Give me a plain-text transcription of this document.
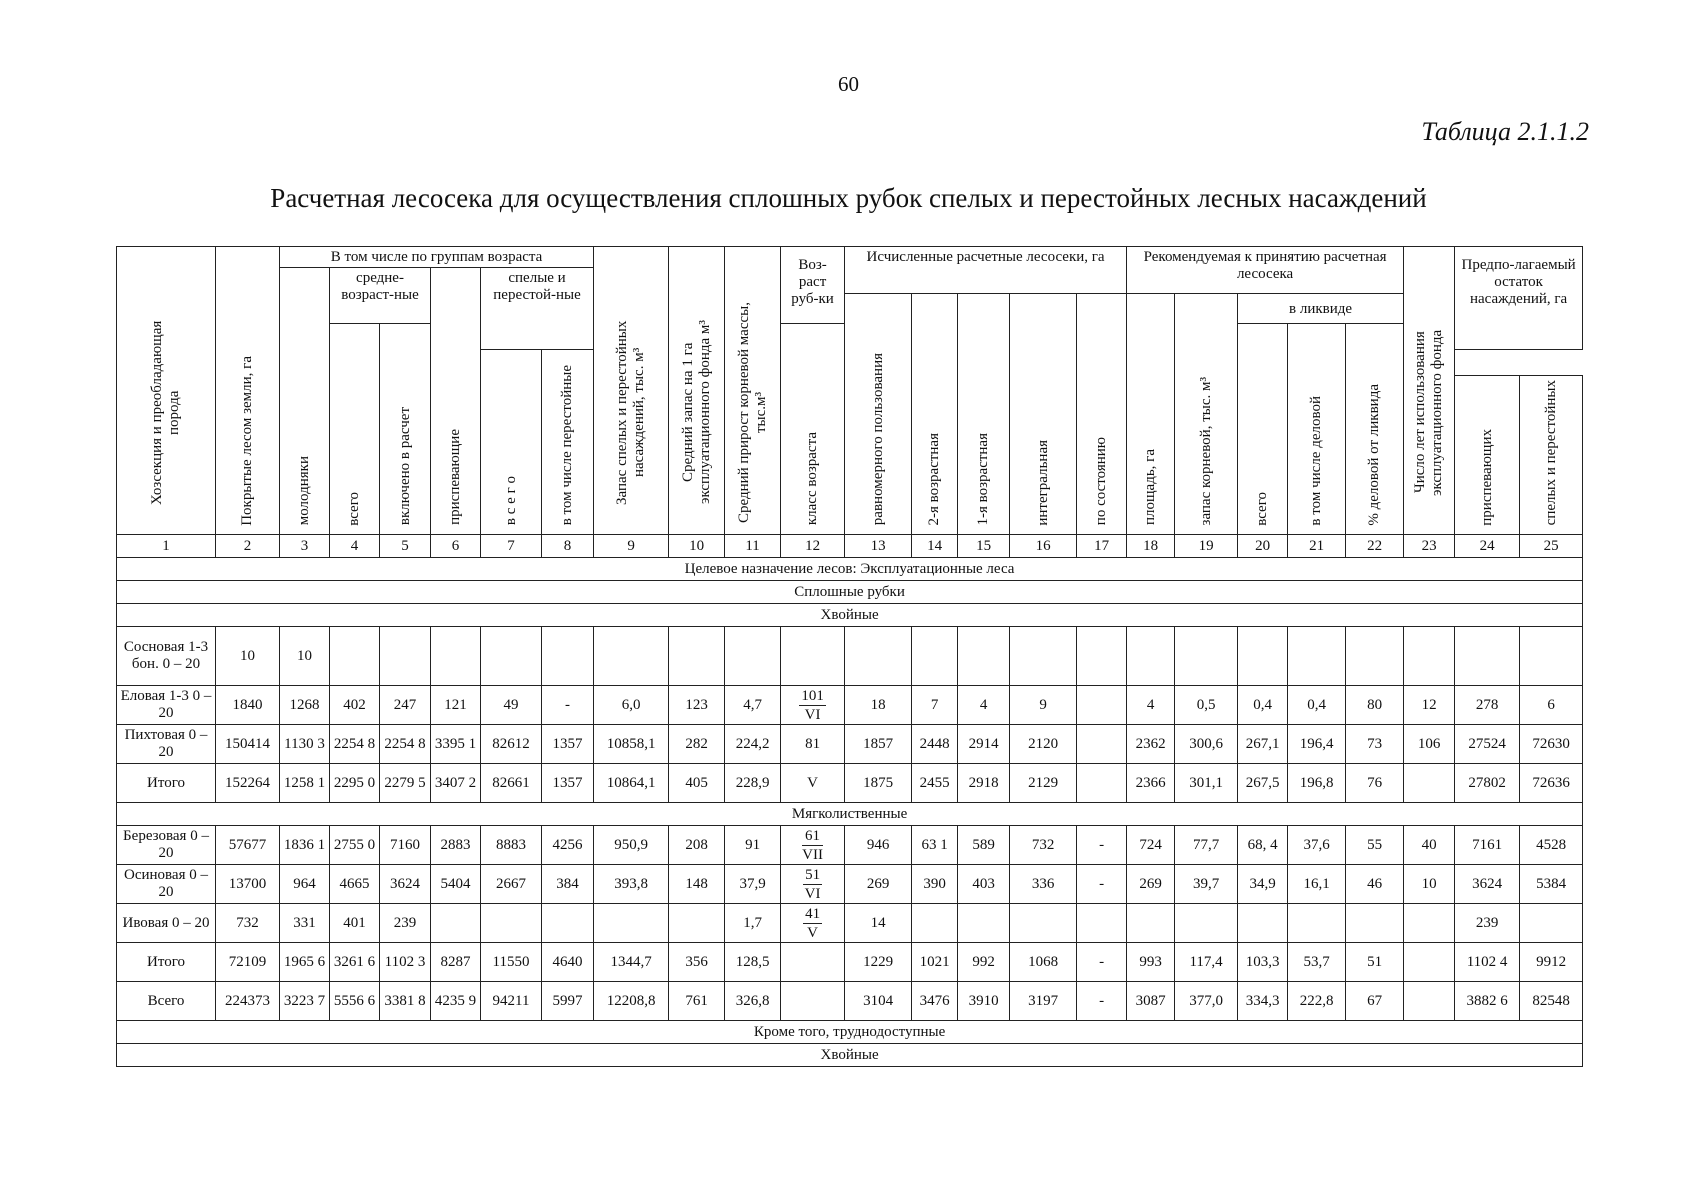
60
Таблица 2.1.1.2
Расчетная лесосека для осуществления сплошных рубок спелых и перестойных лесных насаждений
Хозсекция и преобладающая порода	Покрытые лесом земли, га	В том числе по группам возраста						Запас спелых и перестойных насаждений, тыс. м³	Средний запас на 1 га эксплуатационного фонда м³	Средний прирост корневой массы, тыс.м³	Воз-раст руб-ки	Исчисленные расчетные лесосеки, га					Рекомендуемая к принятию расчетная лесосека					Число лет использования эксплуатационного фонда	Предпо-лагаемый остаток насаждений, га	
		молодняки	средне-возраст-ные		приспевающие	спелые и перестой-ные																		
												равномерного пользования	2-я возрастная	1-я возрастная	интегральная	по состоянию	площадь, га	запас корневой, тыс. м³	в ликвиде					
			всего	включено в расчет							класс возраста								всего	в том числе деловой	% деловой от ликвида			
						в с е г о	в том числе перестойные																	
																							приспевающих	спелых и перестойных
1	2	3	4	5	6	7	8	9	10	11	12	13	14	15	16	17	18	19	20	21	22	23	24	25
Целевое назначение лесов: Эксплуатационные леса																								
Сплошные рубки																								
Хвойные																								
Сосновая 1-3 бон. 0 – 20	10	10																						
Еловая 1-3 0 – 20	1840	1268	402	247	121	49	-	6,0	123	4,7	$\frac{101}{VI}$	18	7	4	9		4	0,5	0,4	0,4	80	12	278	6
Пихтовая 0 – 20	150414	1130 3	2254 8	2254 8	3395 1	82612	1357	10858,1	282	224,2	81	1857	2448	2914	2120		2362	300,6	267,1	196,4	73	106	27524	72630
Итого	152264	1258 1	2295 0	2279 5	3407 2	82661	1357	10864,1	405	228,9	V	1875	2455	2918	2129		2366	301,1	267,5	196,8	76		27802	72636
Мягколиственные																								
Березовая 0 – 20	57677	1836 1	2755 0	7160	2883	8883	4256	950,9	208	91	$\frac{61}{\text{VII}}$	946	63 1	589	732	-	724	77,7	68, 4	37,6	55	40	7161	4528
Осиновая 0 – 20	13700	964	4665	3624	5404	2667	384	393,8	148	37,9	$\frac{51}{VI}$	269	390	403	336	-	269	39,7	34,9	16,1	46	10	3624	5384
Ивовая 0 – 20	732	331	401	239						1,7	$\frac{41}{V}$	14											239	
Итого	72109	1965 6	3261 6	1102 3	8287	11550	4640	1344,7	356	128,5		1229	1021	992	1068	-	993	117,4	103,3	53,7	51		1102 4	9912
Всего	224373	3223 7	5556 6	3381 8	4235 9	94211	5997	12208,8	761	326,8		3104	3476	3910	3197	-	3087	377,0	334,3	222,8	67		3882 6	82548
Кроме того, труднодоступные																								
Хвойные																								
